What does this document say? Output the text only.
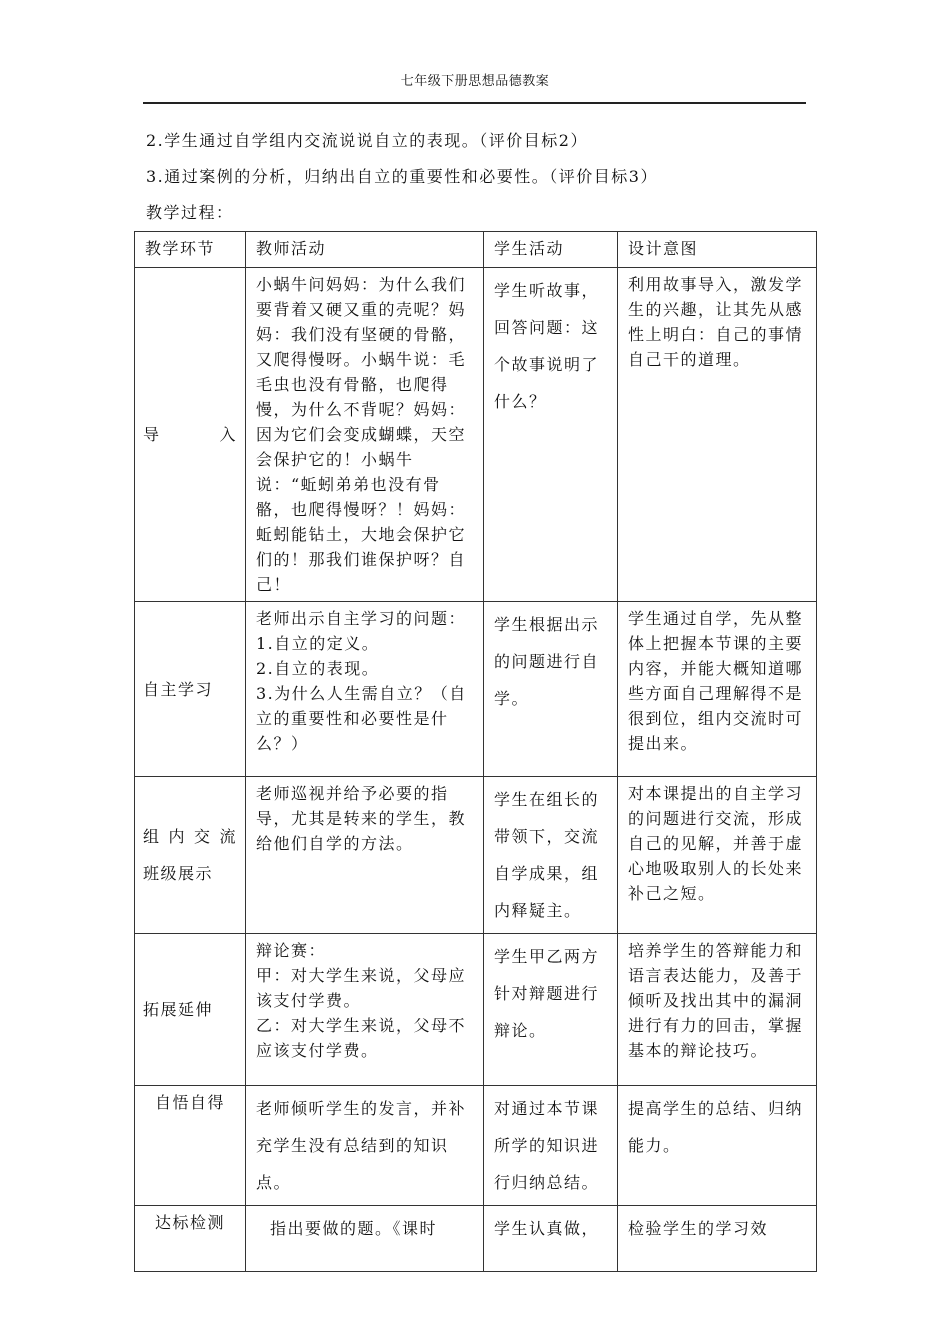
七年级下册思想品德教案
2.学生通过自学组内交流说说自立的表现。（评价目标2）
3.通过案例的分析，归纳出自立的重要性和必要性。（评价目标3）
教学过程：
教学环节	教师活动	学生活动	设计意图
导　　入	小蜗牛问妈妈：为什么我们要背着又硬又重的壳呢？妈妈：我们没有坚硬的骨骼，又爬得慢呀。小蜗牛说：毛毛虫也没有骨骼，也爬得慢，为什么不背呢？妈妈：因为它们会变成蝴蝶，天空会保护它的！小蜗牛说：“蚯蚓弟弟也没有骨骼，也爬得慢呀？！妈妈：蚯蚓能钻土，大地会保护它们的！那我们谁保护呀？自己！	学生听故事，回答问题：这个故事说明了什么？	利用故事导入，激发学生的兴趣，让其先从感性上明白：自己的事情自己干的道理。
自主学习	老师出示自主学习的问题：
1.自立的定义。
2.自立的表现。
3.为什么人生需自立？（自立的重要性和必要性是什么？）	学生根据出示的问题进行自学。	学生通过自学，先从整体上把握本节课的主要内容，并能大概知道哪些方面自己理解得不是很到位，组内交流时可提出来。

组内交流
班级展示	老师巡视并给予必要的指导，尤其是转来的学生，教给他们自学的方法。	学生在组长的带领下，交流自学成果，组内释疑主。	对本课提出的自主学习的问题进行交流，形成自己的见解，并善于虚心地吸取别人的长处来补己之短。
拓展延伸	辩论赛：
甲：对大学生来说，父母应该支付学费。
乙：对大学生来说，父母不应该支付学费。	学生甲乙两方针对辩题进行辩论。	培养学生的答辩能力和语言表达能力，及善于倾听及找出其中的漏洞进行有力的回击，掌握基本的辩论技巧。
自悟自得	老师倾听学生的发言，并补充学生没有总结到的知识点。	对通过本节课所学的知识进行归纳总结。	提高学生的总结、归纳能力。
达标检测	指出要做的题。《课时	学生认真做，	检验学生的学习效
